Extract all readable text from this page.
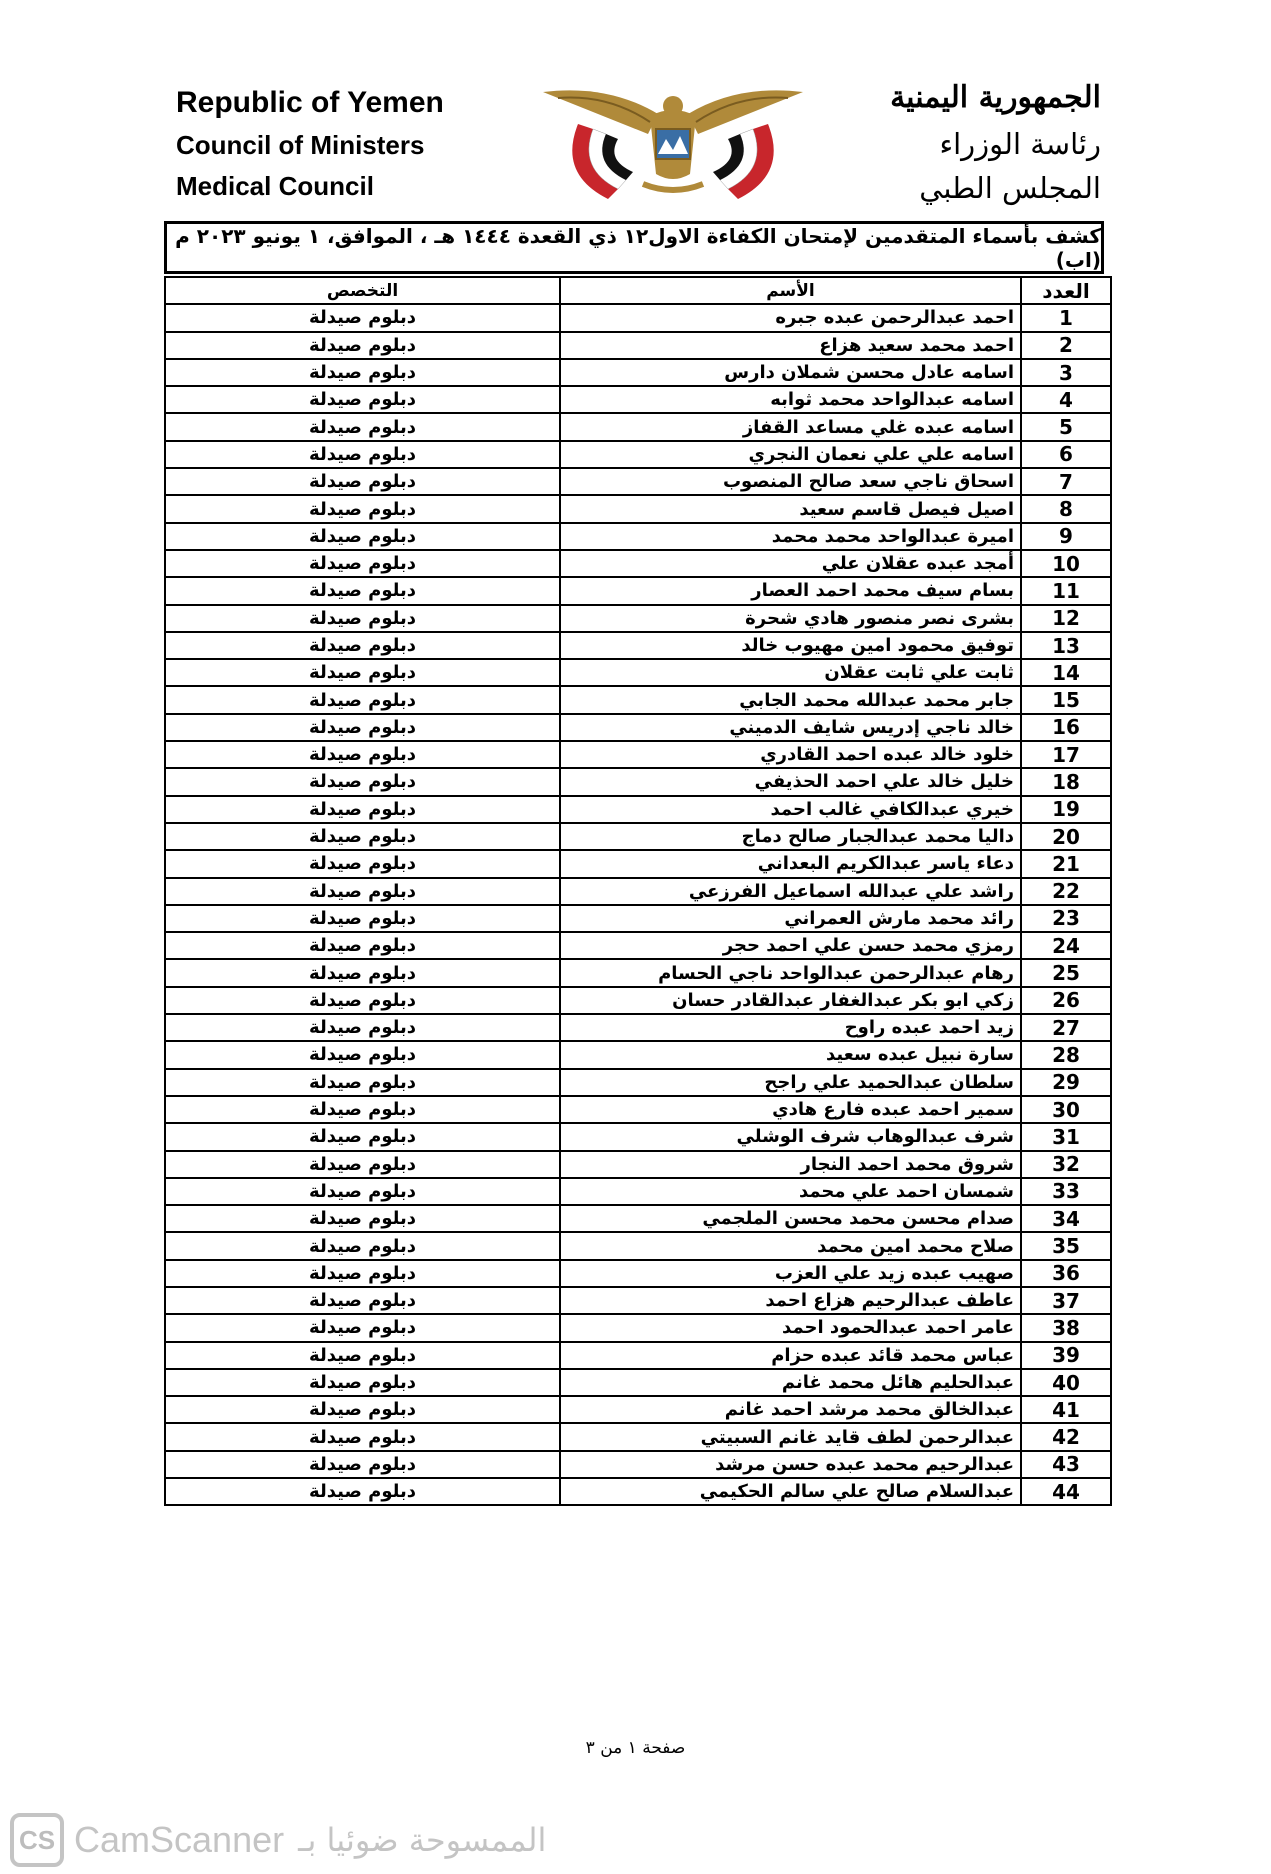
Republic of Yemen
Council of Ministers
Medical Council
الجمهورية اليمنية
رئاسة الوزراء
المجلس الطبي
كشف بأسماء المتقدمين لإمتحان الكفاءة الاول١٢ ذي القعدة ١٤٤٤ هـ ، الموافق، ١ يونيو ٢٠٢٣ م (اب)
العدد	الأسم	التخصص
1	احمد عبدالرحمن عبده جبره	دبلوم صيدلة
2	احمد محمد سعيد هزاع	دبلوم صيدلة
3	اسامه عادل محسن شملان دارس	دبلوم صيدلة
4	اسامه عبدالواحد محمد ثوابه	دبلوم صيدلة
5	اسامه عبده غلي مساعد القفاز	دبلوم صيدلة
6	اسامه علي علي نعمان النجري	دبلوم صيدلة
7	اسحاق ناجي سعد صالح المنصوب	دبلوم صيدلة
8	اصيل فيصل قاسم سعيد	دبلوم صيدلة
9	اميرة عبدالواحد محمد محمد	دبلوم صيدلة
10	أمجد عبده عقلان علي	دبلوم صيدلة
11	بسام سيف محمد احمد العصار	دبلوم صيدلة
12	بشرى نصر منصور هادي شحرة	دبلوم صيدلة
13	توفيق محمود امين مهيوب خالد	دبلوم صيدلة
14	ثابت علي ثابت عقلان	دبلوم صيدلة
15	جابر محمد عبدالله محمد الجابي	دبلوم صيدلة
16	خالد ناجي إدريس شايف الدميني	دبلوم صيدلة
17	خلود خالد عبده احمد القادري	دبلوم صيدلة
18	خليل خالد علي احمد الحذيفي	دبلوم صيدلة
19	خيري عبدالكافي غالب احمد	دبلوم صيدلة
20	داليا محمد عبدالجبار صالح دماج	دبلوم صيدلة
21	دعاء ياسر عبدالكريم البعداني	دبلوم صيدلة
22	راشد علي عبدالله اسماعيل الفرزعي	دبلوم صيدلة
23	رائد محمد مارش العمراني	دبلوم صيدلة
24	رمزي محمد حسن علي احمد حجر	دبلوم صيدلة
25	رهام عبدالرحمن عبدالواحد ناجي الحسام	دبلوم صيدلة
26	زكي ابو بكر عبدالغفار عبدالقادر حسان	دبلوم صيدلة
27	زيد احمد عبده راوح	دبلوم صيدلة
28	سارة نبيل عبده سعيد	دبلوم صيدلة
29	سلطان عبدالحميد علي راجح	دبلوم صيدلة
30	سمير احمد عبده فارع هادي	دبلوم صيدلة
31	شرف عبدالوهاب شرف الوشلي	دبلوم صيدلة
32	شروق محمد احمد النجار	دبلوم صيدلة
33	شمسان احمد علي محمد	دبلوم صيدلة
34	صدام محسن محمد محسن الملجمي	دبلوم صيدلة
35	صلاح محمد امين محمد	دبلوم صيدلة
36	صهيب عبده زيد علي العزب	دبلوم صيدلة
37	عاطف عبدالرحيم هزاع احمد	دبلوم صيدلة
38	عامر احمد عبدالحمود احمد	دبلوم صيدلة
39	عباس محمد قائد عبده حزام	دبلوم صيدلة
40	عبدالحليم هائل محمد غانم	دبلوم صيدلة
41	عبدالخالق محمد مرشد احمد غانم	دبلوم صيدلة
42	عبدالرحمن لطف قايد غانم السبيتي	دبلوم صيدلة
43	عبدالرحيم محمد عبده حسن مرشد	دبلوم صيدلة
44	عبدالسلام صالح علي سالم الحكيمي	دبلوم صيدلة
صفحة ١ من ٣
CS CamScanner الممسوحة ضوئيا بـ
